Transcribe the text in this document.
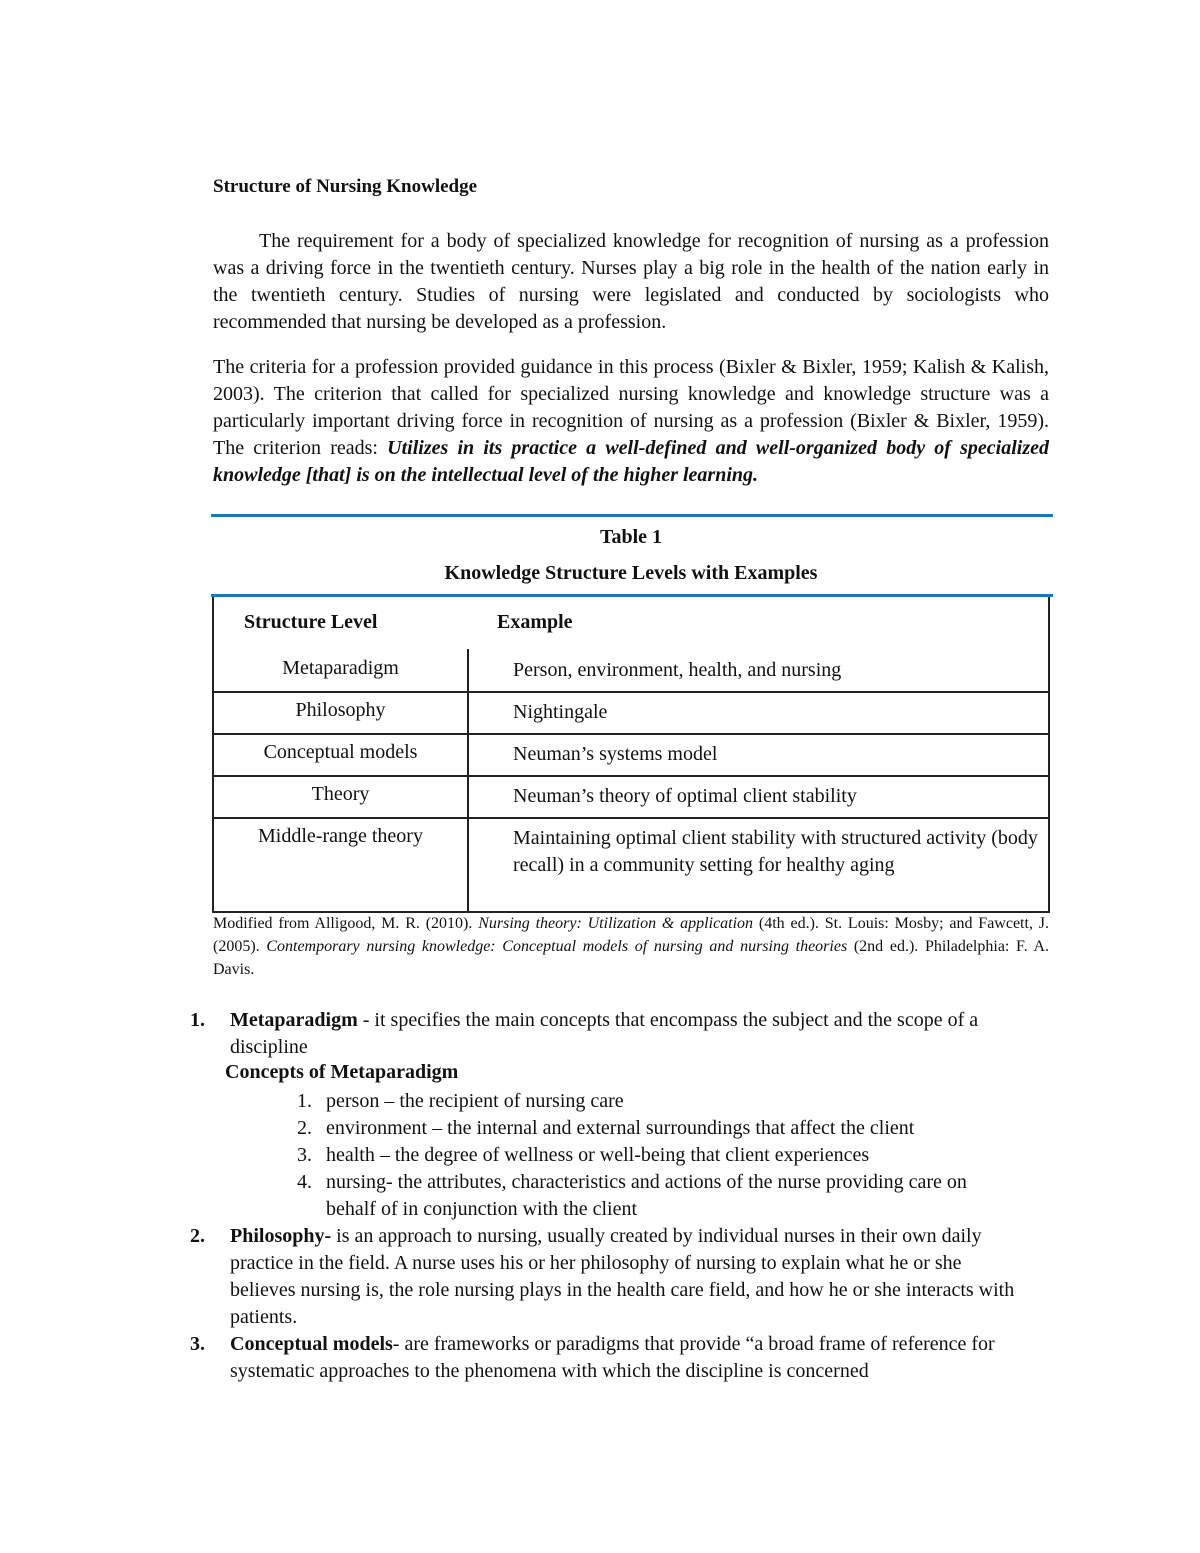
Structure of Nursing Knowledge
The requirement for a body of specialized knowledge for recognition of nursing as a profession was a driving force in the twentieth century. Nurses play a big role in the health of the nation early in the twentieth century. Studies of nursing were legislated and conducted by sociologists who recommended that nursing be developed as a profession.
The criteria for a profession provided guidance in this process (Bixler & Bixler, 1959; Kalish & Kalish, 2003). The criterion that called for specialized nursing knowledge and knowledge structure was a particularly important driving force in recognition of nursing as a profession (Bixler & Bixler, 1959). The criterion reads: Utilizes in its practice a well-defined and well-organized body of specialized knowledge [that] is on the intellectual level of the higher learning.
Table 1
Knowledge Structure Levels with Examples
Structure Level	Example
Metaparadigm	Person, environment, health, and nursing
Philosophy	Nightingale
Conceptual models	Neuman’s systems model
Theory	Neuman’s theory of optimal client stability
Middle-range theory	Maintaining optimal client stability with structured activity (body recall) in a community setting for healthy aging
Modified from Alligood, M. R. (2010). Nursing theory: Utilization & application (4th ed.). St. Louis: Mosby; and Fawcett, J. (2005). Contemporary nursing knowledge: Conceptual models of nursing and nursing theories (2nd ed.). Philadelphia: F. A. Davis.
1. Metaparadigm - it specifies the main concepts that encompass the subject and the scope of a discipline
Concepts of Metaparadigm
1. person – the recipient of nursing care
2. environment – the internal and external surroundings that affect the client
3. health – the degree of wellness or well-being that client experiences
4. nursing- the attributes, characteristics and actions of the nurse providing care on behalf of in conjunction with the client
2. Philosophy- is an approach to nursing, usually created by individual nurses in their own daily practice in the field. A nurse uses his or her philosophy of nursing to explain what he or she believes nursing is, the role nursing plays in the health care field, and how he or she interacts with patients.
3. Conceptual models- are frameworks or paradigms that provide “a broad frame of reference for systematic approaches to the phenomena with which the discipline is concerned
